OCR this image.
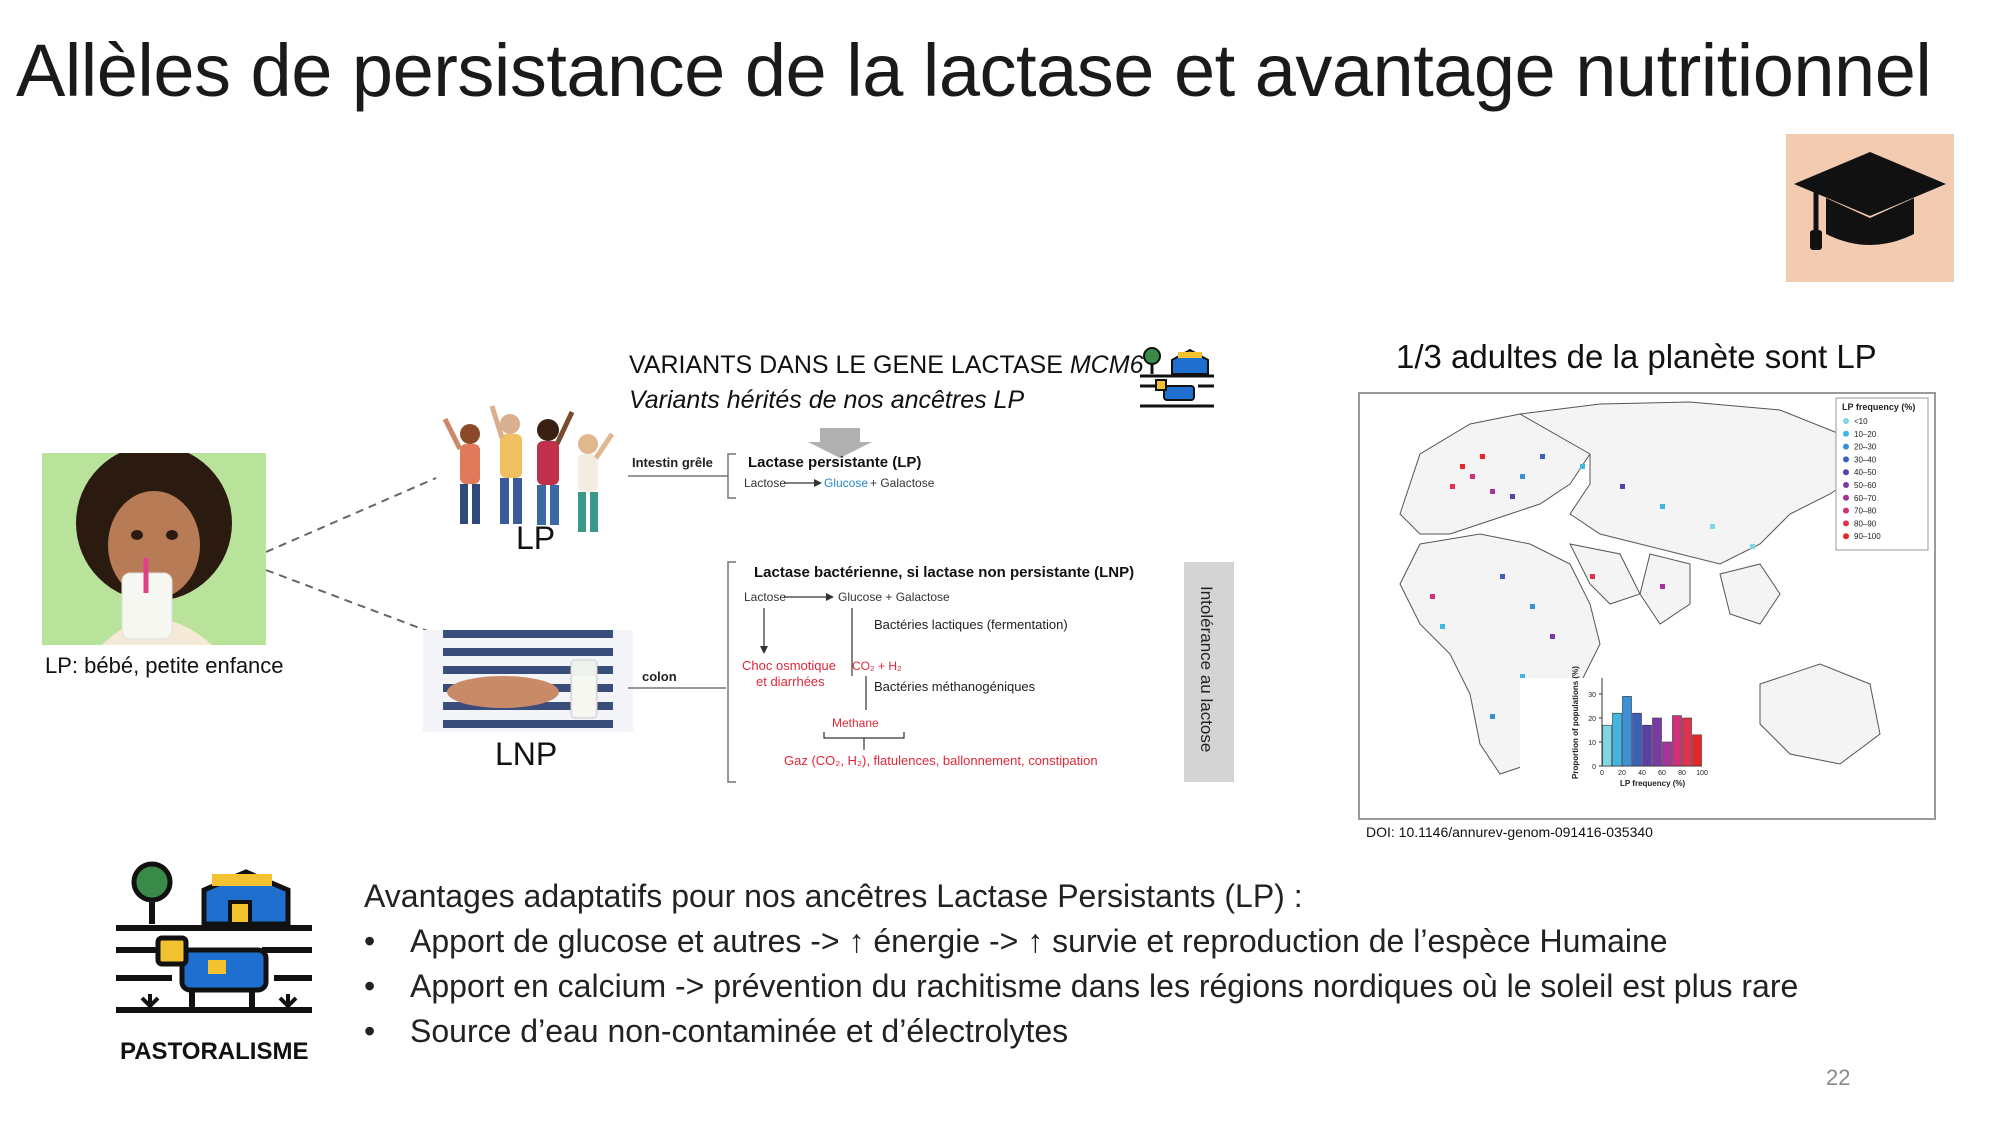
Allèles de persistance de la lactase et avantage nutritionnel
LP: bébé, petite enfance
LP
LNP
VARIANTS DANS LE GENE LACTASE MCM6
Variants hérités de nos ancêtres LP
Intestin grêle Lactase persistante (LP)
Lactose	Glucose + Galactose
colon
Lactase bactérienne, si lactase non persistante (LNP)
Lactose	Glucose + Galactose
Bactéries lactiques (fermentation)
Choc osmotique
et diarrhées
CO₂ + H₂
Bactéries méthanogéniques
Methane
Gaz (CO₂, H₂), flatulences, ballonnement, constipation
Intolérance au lactose
1/3 adultes de la planète sont LP
LP frequency (%)
<10
10–20
20–30
30–40
40–50
50–60
60–70
70–80
80–90
90–100
Proportion of populations (%) 0
10
20
30
0 20 40 60 80 100
LP frequency (%)
DOI: 10.1146/annurev-genom-091416-035340
PASTORALISME
Avantages adaptatifs pour nos ancêtres Lactase Persistants (LP) :
• Apport de glucose et autres -> ↑ énergie -> ↑ survie et reproduction de l’espèce Humaine
• Apport en calcium -> prévention du rachitisme dans les régions nordiques où le soleil est plus rare
• Source d’eau non-contaminée et d’électrolytes
22
